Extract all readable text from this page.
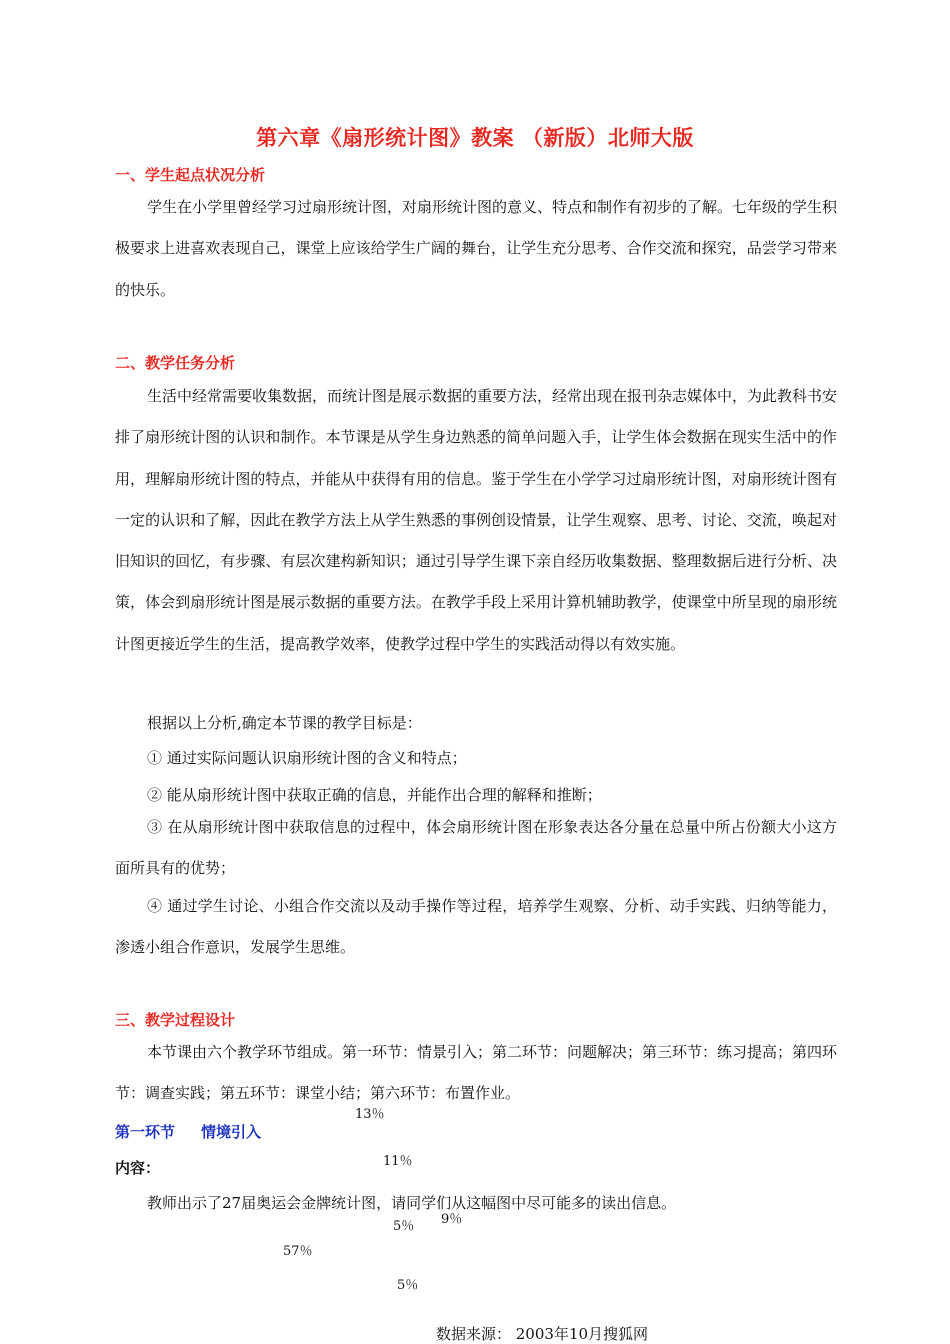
第六章《扇形统计图》教案 （新版）北师大版
一、学生起点状况分析

学生在小学里曾经学习过扇形统计图，对扇形统计图的意义、特点和制作有初步的了解。七年级的学生积极要求上进喜欢表现自己，课堂上应该给学生广阔的舞台，让学生充分思考、合作交流和探究，品尝学习带来的快乐。

二、教学任务分析

生活中经常需要收集数据，而统计图是展示数据的重要方法，经常出现在报刊杂志媒体中，为此教科书安排了扇形统计图的认识和制作。本节课是从学生身边熟悉的简单问题入手，让学生体会数据在现实生活中的作用，理解扇形统计图的特点，并能从中获得有用的信息。鉴于学生在小学学习过扇形统计图，对扇形统计图有一定的认识和了解，因此在教学方法上从学生熟悉的事例创设情景，让学生观察、思考、讨论、交流，唤起对旧知识的回忆，有步骤、有层次建构新知识；通过引导学生课下亲自经历收集数据、整理数据后进行分析、决策，体会到扇形统计图是展示数据的重要方法。在教学手段上采用计算机辅助教学，使课堂中所呈现的扇形统计图更接近学生的生活，提高教学效率，使教学过程中学生的实践活动得以有效实施。

根据以上分析,确定本节课的教学目标是：

① 通过实际问题认识扇形统计图的含义和特点；

② 能从扇形统计图中获取正确的信息，并能作出合理的解释和推断；

③ 在从扇形统计图中获取信息的过程中，体会扇形统计图在形象表达各分量在总量中所占份额大小这方面所具有的优势；

④ 通过学生讨论、小组合作交流以及动手操作等过程，培养学生观察、分析、动手实践、归纳等能力，渗透小组合作意识，发展学生思维。

三、教学过程设计

本节课由六个教学环节组成。第一环节：情景引入；第二环节：问题解决；第三环节：练习提高；第四环节：调查实践；第五环节：课堂小结；第六环节：布置作业。

第一环节 情境引入
内容：

教师出示了27届奥运会金牌统计图，请同学们从这幅图中尽可能多的读出信息。

13％
11％
9％
5％
57％
5％
数据来源： 2003年10月搜狐网
